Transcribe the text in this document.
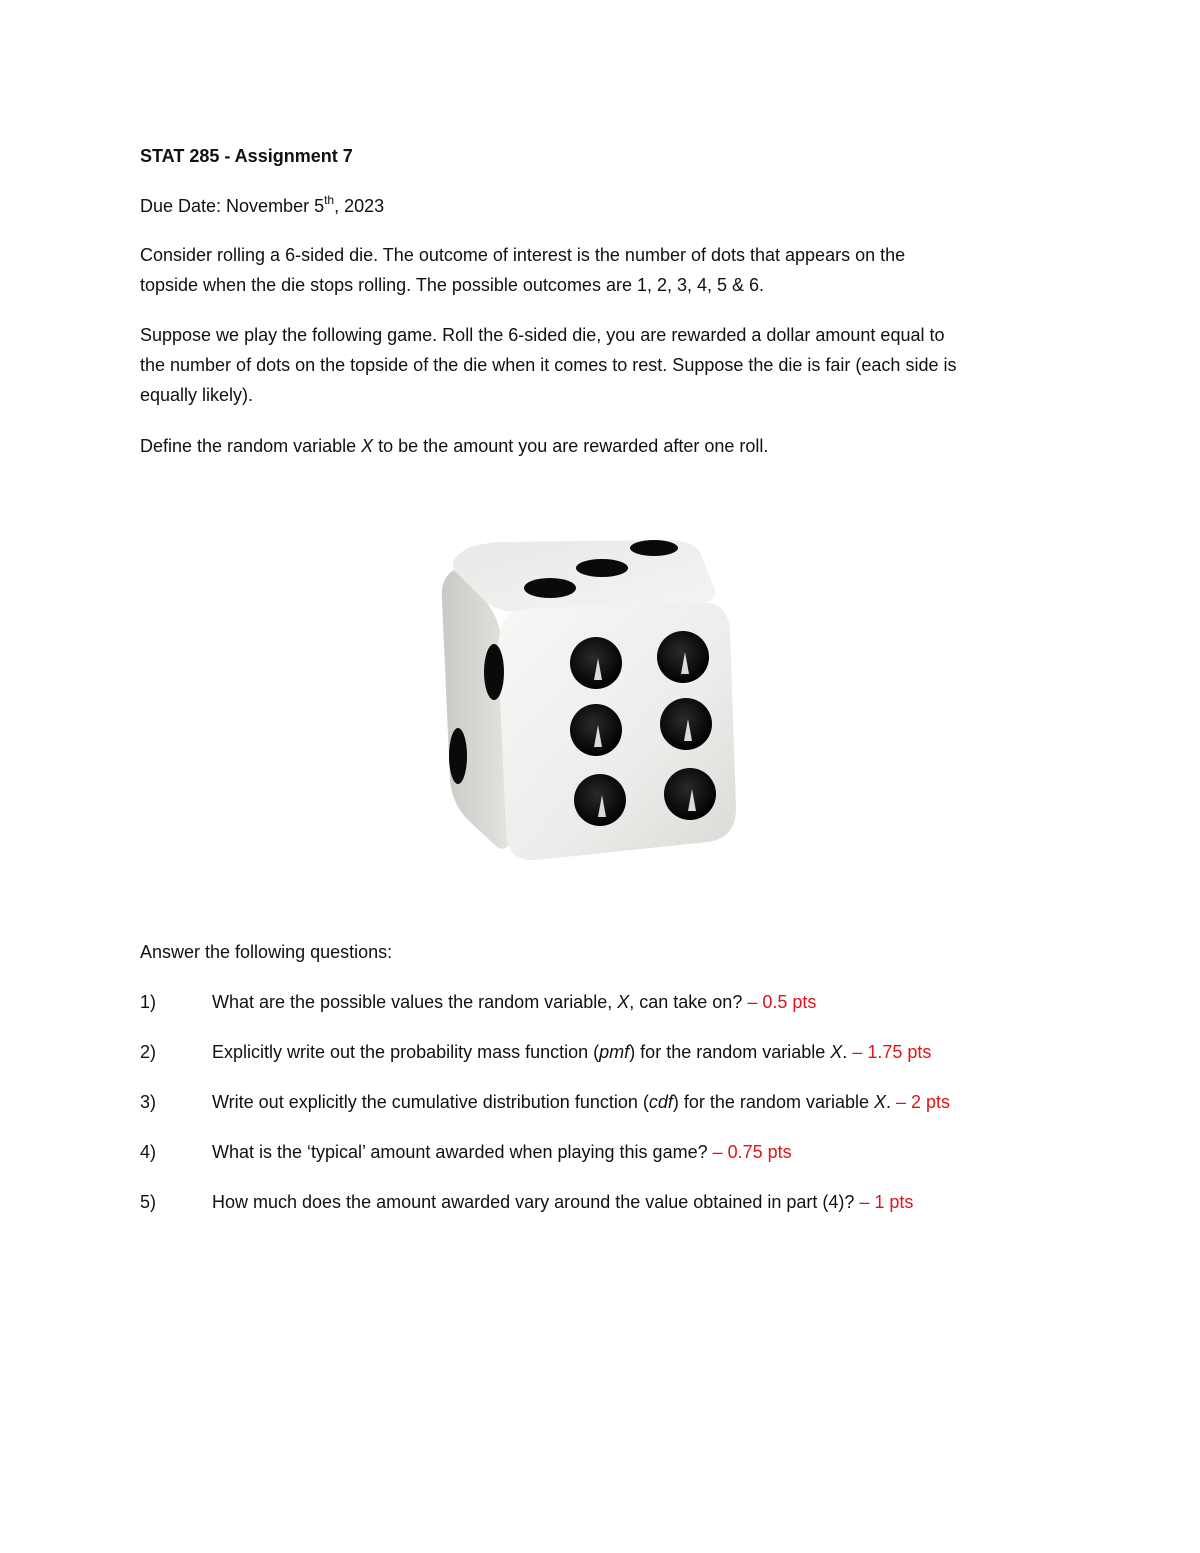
STAT 285 - Assignment 7
Due Date: November 5th, 2023
Consider rolling a 6-sided die. The outcome of interest is the number of dots that appears on the
topside when the die stops rolling. The possible outcomes are 1, 2, 3, 4, 5 & 6.
Suppose we play the following game. Roll the 6-sided die, you are rewarded a dollar amount equal to
the number of dots on the topside of the die when it comes to rest. Suppose the die is fair (each side is
equally likely).
Define the random variable X to be the amount you are rewarded after one roll.
Answer the following questions:
1)	What are the possible values the random variable, X, can take on? – 0.5 pts
2)	Explicitly write out the probability mass function (pmf) for the random variable X. – 1.75 pts
3)	Write out explicitly the cumulative distribution function (cdf) for the random variable X. – 2 pts
4)	What is the ‘typical’ amount awarded when playing this game? – 0.75 pts
5)	How much does the amount awarded vary around the value obtained in part (4)? – 1 pts
